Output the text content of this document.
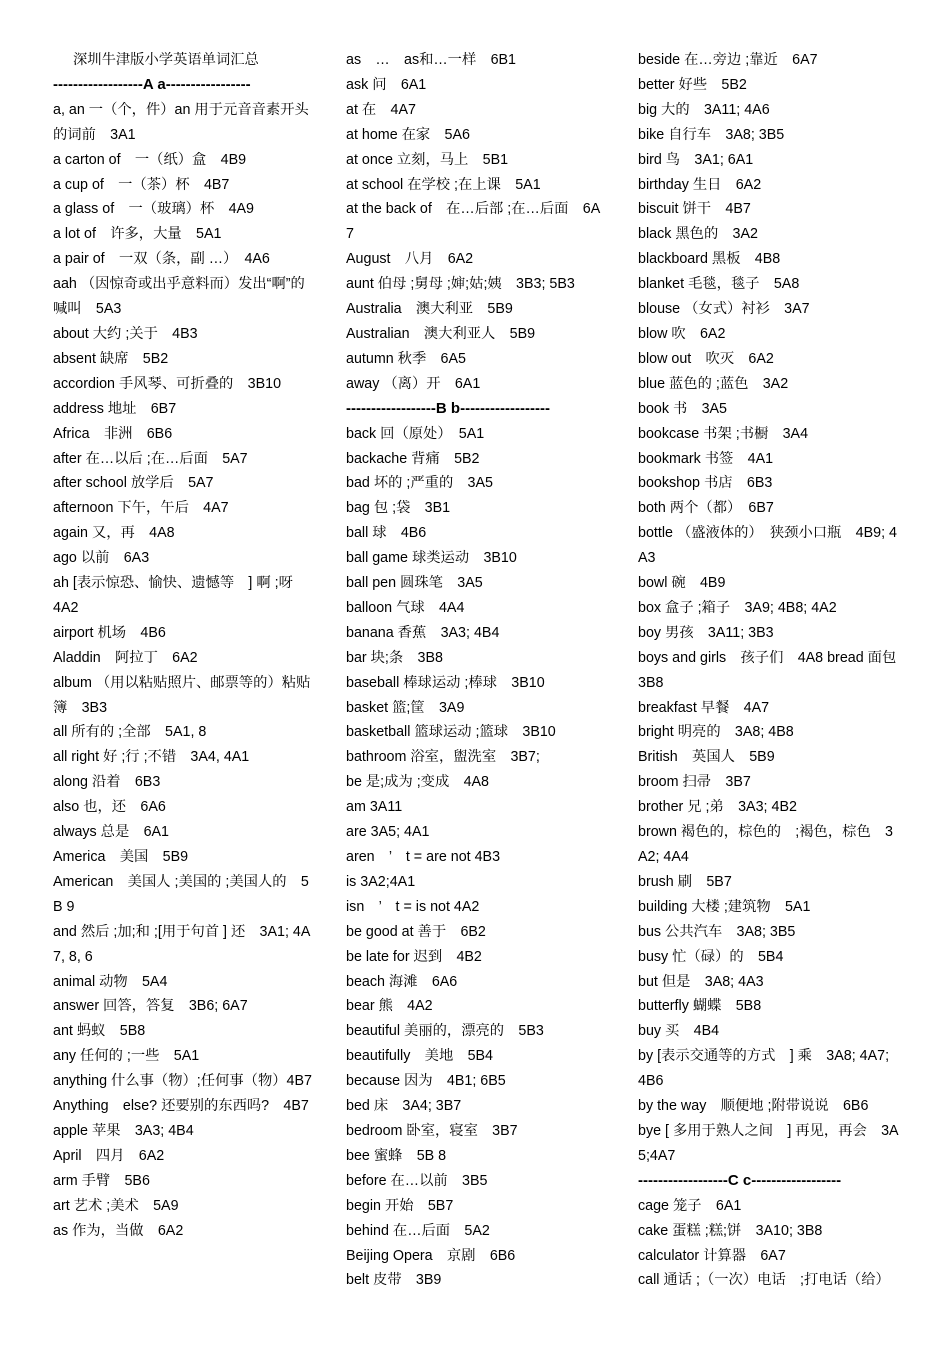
深圳牛津版小学英语单词汇总
------------------A a-----------------
a, an 一（个，件）an 用于元音音素开头的词前　3A1
a carton of　一（纸）盒　4B9
a cup of　一（茶）杯　4B7
a glass of　一（玻璃）杯　4A9
a lot of　许多，大量　5A1
a pair of　一双（条，副 …）　4A6
aah （因惊奇或出乎意料而）发出“啊”的喊叫　5A3
about 大约 ;关于　4B3
absent 缺席　5B2
accordion 手风琴、可折叠的　3B10
address 地址　6B7
Africa　非洲　6B6
after 在…以后 ;在…后面　5A7
after school 放学后　5A7
afternoon 下午，午后　4A7
again 又，再　4A8
ago 以前　6A3
ah [表示惊恐、愉快、遗憾等　] 啊 ;呀　4A2
airport 机场　4B6
Aladdin　阿拉丁　6A2
album （用以粘贴照片、邮票等的）粘贴簿　3B3
all 所有的 ;全部　5A1, 8
all right 好 ;行 ;不错　3A4, 4A1
along 沿着　6B3
also 也，还　6A6
always 总是　6A1
America　美国　5B9
American　美国人 ;美国的 ;美国人的　5B 9
and 然后 ;加;和 ;[用于句首 ] 还　3A1; 4A 7, 8, 6
animal 动物　5A4
answer 回答，答复　3B6; 6A7
ant 蚂蚁　5B8
any 任何的 ;一些　5A1
anything 什么事（物）;任何事（物）4B7
Anything　else? 还要别的东西吗?　4B7
apple 苹果　3A3; 4B4
April　四月　6A2
arm 手臂　5B6
art 艺术 ;美术　5A9
as 作为，当做　6A2
as　…　as和…一样　6B1
ask 问　6A1
at 在　4A7
at home 在家　5A6
at once 立刻，马上　5B1
at school 在学校 ;在上课　5A1
at the back of　在…后部 ;在…后面　6A7
August　八月　6A2
aunt 伯母 ;舅母 ;婶;姑;姨　3B3; 5B3
Australia　澳大利亚　5B9
Australian　澳大利亚人　5B9
autumn 秋季　6A5
away （离）开　6A1
------------------B b------------------
back 回（原处）　5A1
backache 背痛　5B2
bad 坏的 ;严重的　3A5
bag 包 ;袋　3B1
ball 球　4B6
ball game 球类运动　3B10
ball pen 圆珠笔　3A5
balloon 气球　4A4
banana 香蕉　3A3; 4B4
bar 块;条　3B8
baseball 棒球运动 ;棒球　3B10
basket 篮;筐　3A9
basketball 篮球运动 ;篮球　3B10
bathroom 浴室，盥洗室　3B7;
be 是;成为 ;变成　4A8
am 3A11
are 3A5; 4A1
aren　’　t = are not 4B3
is 3A2;4A1
isn　’　t = is not 4A2
be good at 善于　6B2
be late for 迟到　4B2
beach 海滩　6A6
bear 熊　4A2
beautiful 美丽的，漂亮的　5B3
beautifully　美地　5B4
because 因为　4B1; 6B5
bed 床　3A4; 3B7
bedroom 卧室，寝室　3B7
bee 蜜蜂　5B 8
before 在…以前　3B5
begin 开始　5B7
behind 在…后面　5A2
Beijing Opera　京剧　6B6
belt 皮带　3B9
beside 在…旁边 ;靠近　6A7
better 好些　5B2
big 大的　3A11; 4A6
bike 自行车　3A8; 3B5
bird 鸟　3A1; 6A1
birthday 生日　6A2
biscuit 饼干　4B7
black 黑色的　3A2
blackboard 黑板　4B8
blanket 毛毯，毯子　5A8
blouse （女式）衬衫　3A7
blow 吹　6A2
blow out　吹灭　6A2
blue 蓝色的 ;蓝色　3A2
book 书　3A5
bookcase 书架 ;书橱　3A4
bookmark 书签　4A1
bookshop 书店　6B3
both 两个（都）　6B7
bottle （盛液体的）　狭颈小口瓶　4B9; 4A3
bowl 碗　4B9
box 盒子 ;箱子　3A9; 4B8; 4A2
boy 男孩　3A11; 3B3
boys and girls　孩子们　4A8 bread 面包　3B8
breakfast 早餐　4A7
bright 明亮的　3A8; 4B8
British　英国人　5B9
broom 扫帚　3B7
brother 兄 ;弟　3A3; 4B2
brown 褐色的，棕色的　;褐色，棕色　3A2; 4A4
brush 刷　5B7
building 大楼 ;建筑物　5A1
bus 公共汽车　3A8; 3B5
busy 忙（碌）的　5B4
but 但是　3A8; 4A3
butterfly 蝴蝶　5B8
buy 买　4B4
by [表示交通等的方式　] 乘　3A8; 4A7; 4B6
by the way　顺便地 ;附带说说　6B6
bye [ 多用于熟人之间　] 再见，再会　3A5;4A7
------------------C c------------------
cage 笼子　6A1
cake 蛋糕 ;糕;饼　3A10; 3B8
calculator 计算器　6A7
call 通话 ;（一次）电话　;打电话（给）
